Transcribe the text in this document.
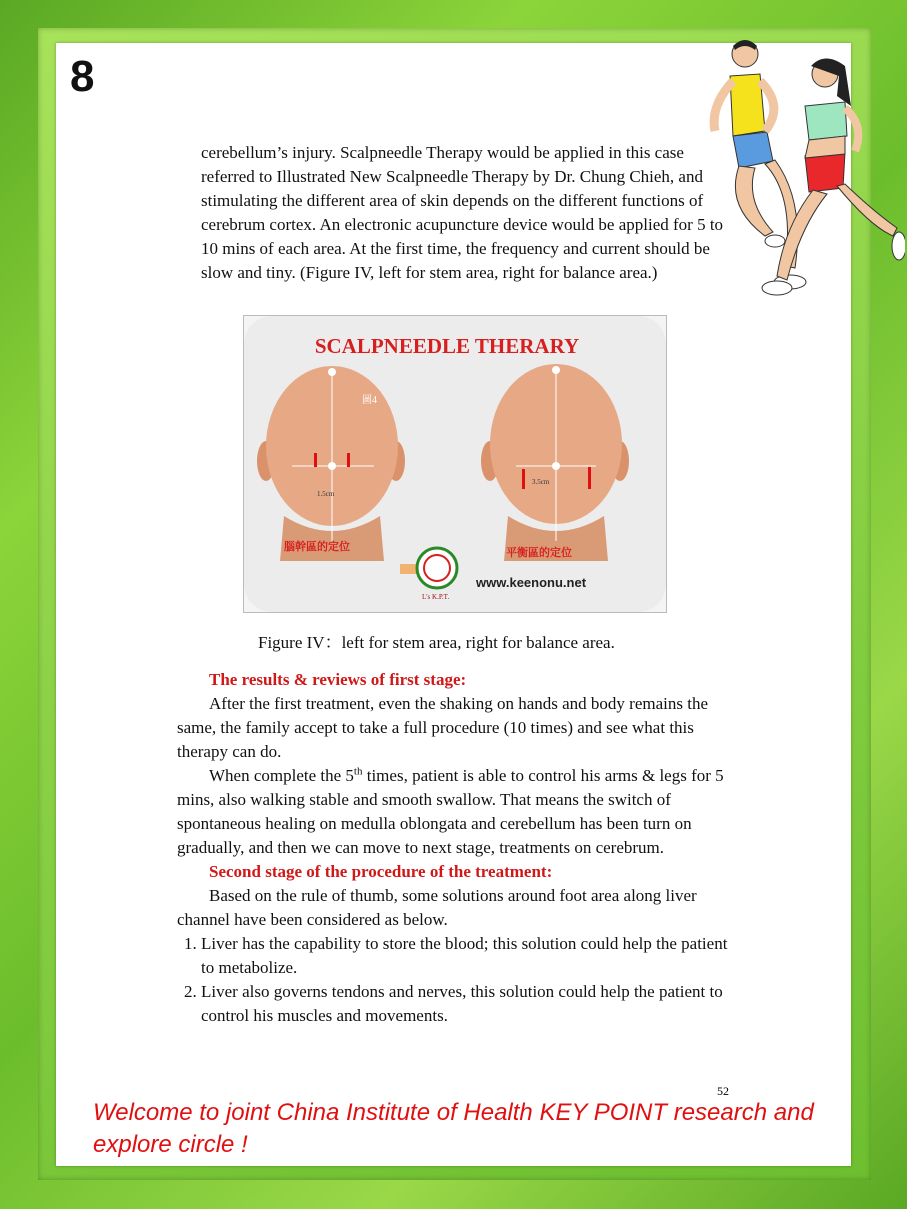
8

cerebellum’s injury. Scalpneedle Therapy would be applied in this case referred to Illustrated New Scalpneedle Therapy by Dr. Chung Chieh, and stimulating the different area of skin depends on the different functions of cerebrum cortex. An electronic acupuncture device would be applied for 5 to 10 mins of each area. At the first time, the frequency and current should be slow and tiny. (Figure IV, left for stem area, right for balance area.)

SCALPNEEDLE THERARY
圖4
1.5cm
腦幹區的定位
3.5cm
平衡區的定位
L's K.P.T.
www.keenonu.net

Figure IV：left for stem area, right for balance area.

The results & reviews of first stage:

After the first treatment, even the shaking on hands and body remains the same, the family accept to take a full procedure (10 times) and see what this therapy can do.

When complete the 5th times, patient is able to control his arms & legs for 5 mins, also walking stable and smooth swallow. That means the switch of spontaneous healing on medulla oblongata and cerebellum has been turn on gradually, and then we can move to next stage, treatments on cerebrum.

Second stage of the procedure of the treatment:

Based on the rule of thumb, some solutions around foot area along liver channel have been considered as below.

1. Liver has the capability to store the blood; this solution could help the patient to metabolize.
2. Liver also governs tendons and nerves, this solution could help the patient to control his muscles and movements.

52

Welcome to joint China Institute of Health KEY POINT research and explore circle !
